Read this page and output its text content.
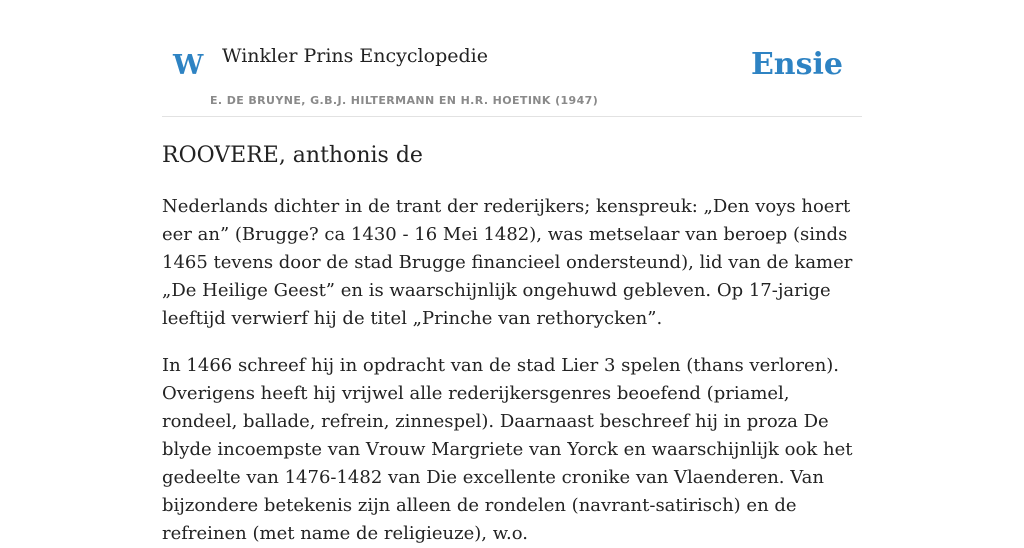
W Winkler Prins Encyclopedie
E. DE BRUYNE, G.B.J. HILTERMANN EN H.R. HOETINK (1947)
Ensie
ROOVERE, anthonis de

Nederlands dichter in de trant der rederijkers; kenspreuk: „Den voys hoert eer an” (Brugge? ca 1430 - 16 Mei 1482), was metselaar van beroep (sinds 1465 tevens door de stad Brugge financieel ondersteund), lid van de kamer „De Heilige Geest” en is waarschijnlijk ongehuwd gebleven. Op 17-jarige leeftijd verwierf hij de titel „Prinche van rethorycken”.

In 1466 schreef hij in opdracht van de stad Lier 3 spelen (thans verloren). Overigens heeft hij vrijwel alle rederijkersgenres beoefend (priamel, rondeel, ballade, refrein, zinnespel). Daarnaast beschreef hij in proza De blyde incoempste van Vrouw Margriete van Yorck en waarschijnlijk ook het gedeelte van 1476-1482 van Die excellente cronike van Vlaenderen. Van bijzondere betekenis zijn alleen de rondelen (navrant-satirisch) en de refreinen (met name de religieuze), w.o.
